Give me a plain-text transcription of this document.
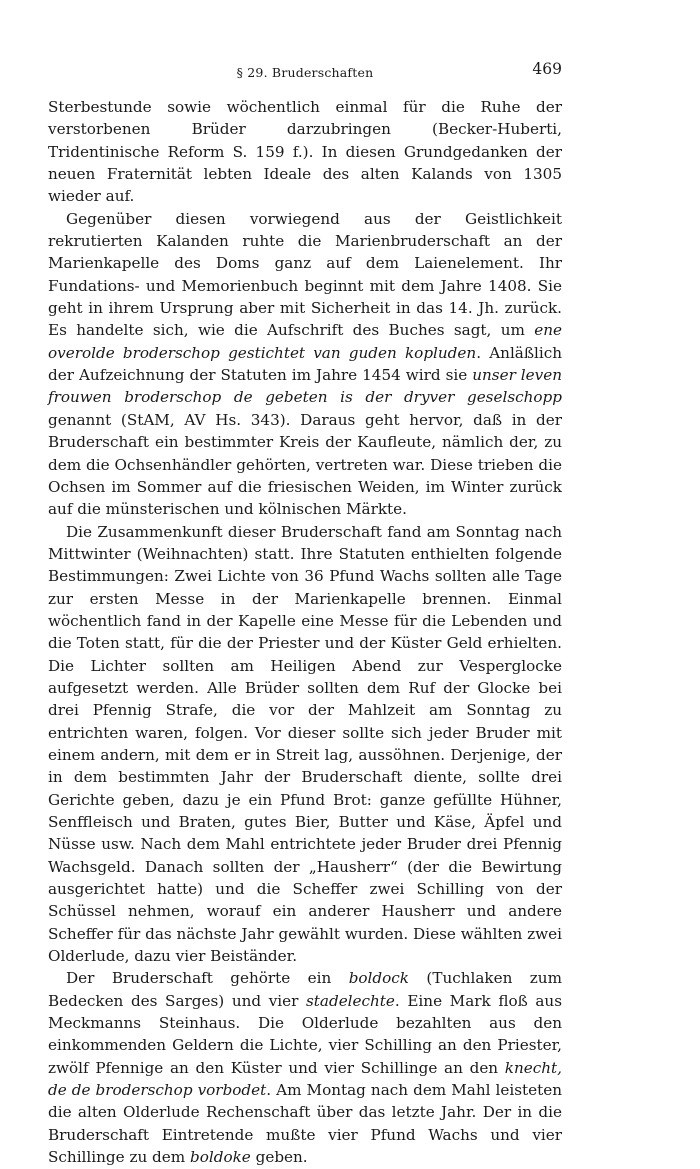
§ 29. Bruderschaften	469

Sterbestunde sowie wöchentlich einmal für die Ruhe der verstorbenen Brüder darzubringen (Becker-Huberti, Tridentinische Reform S. 159 f.). In diesen Grundgedanken der neuen Fraternität lebten Ideale des alten Kalands von 1305 wieder auf.

Gegenüber diesen vorwiegend aus der Geistlichkeit rekrutierten Kalanden ruhte die Marienbruderschaft an der Marienkapelle des Doms ganz auf dem Laienelement. Ihr Fundations- und Memorienbuch beginnt mit dem Jahre 1408. Sie geht in ihrem Ursprung aber mit Sicherheit in das 14. Jh. zurück. Es handelte sich, wie die Aufschrift des Buches sagt, um ene overolde broderschop gestichtet van guden kopluden. Anläßlich der Aufzeichnung der Statuten im Jahre 1454 wird sie unser leven frouwen broderschop de gebeten is der dryver geselschopp genannt (StAM, AV Hs. 343). Daraus geht hervor, daß in der Bruderschaft ein bestimmter Kreis der Kaufleute, nämlich der, zu dem die Ochsenhändler gehörten, vertreten war. Diese trieben die Ochsen im Sommer auf die friesischen Weiden, im Winter zurück auf die münsterischen und kölnischen Märkte.

Die Zusammenkunft dieser Bruderschaft fand am Sonntag nach Mittwinter (Weihnachten) statt. Ihre Statuten enthielten folgende Bestimmungen: Zwei Lichte von 36 Pfund Wachs sollten alle Tage zur ersten Messe in der Marienkapelle brennen. Einmal wöchentlich fand in der Kapelle eine Messe für die Lebenden und die Toten statt, für die der Priester und der Küster Geld erhielten. Die Lichter sollten am Heiligen Abend zur Vesperglocke aufgesetzt werden. Alle Brüder sollten dem Ruf der Glocke bei drei Pfennig Strafe, die vor der Mahlzeit am Sonntag zu entrichten waren, folgen. Vor dieser sollte sich jeder Bruder mit einem andern, mit dem er in Streit lag, aussöhnen. Derjenige, der in dem bestimmten Jahr der Bruderschaft diente, sollte drei Gerichte geben, dazu je ein Pfund Brot: ganze gefüllte Hühner, Senffleisch und Braten, gutes Bier, Butter und Käse, Äpfel und Nüsse usw. Nach dem Mahl entrichtete jeder Bruder drei Pfennig Wachsgeld. Danach sollten der „Hausherr“ (der die Bewirtung ausgerichtet hatte) und die Scheffer zwei Schilling von der Schüssel nehmen, worauf ein anderer Hausherr und andere Scheffer für das nächste Jahr gewählt wurden. Diese wählten zwei Olderlude, dazu vier Beiständer.

Der Bruderschaft gehörte ein boldock (Tuchlaken zum Bedecken des Sarges) und vier stadelechte. Eine Mark floß aus Meckmanns Steinhaus. Die Olderlude bezahlten aus den einkommenden Geldern die Lichte, vier Schilling an den Priester, zwölf Pfennige an den Küster und vier Schillinge an den knecht, de de broderschop vorbodet. Am Montag nach dem Mahl leisteten die alten Olderlude Rechenschaft über das letzte Jahr. Der in die Bruderschaft Eintretende mußte vier Pfund Wachs und vier Schillinge zu dem boldoke geben.
